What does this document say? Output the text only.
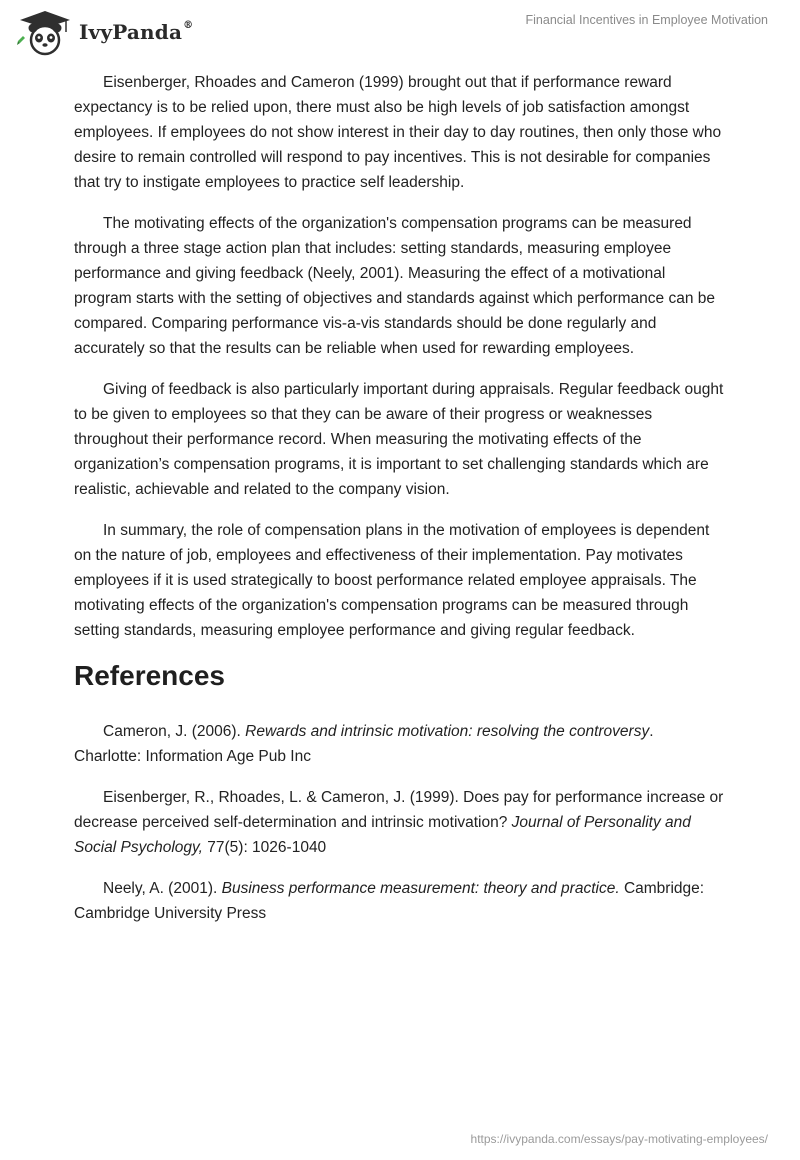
IvyPanda®	Financial Incentives in Employee Motivation

Eisenberger, Rhoades and Cameron (1999) brought out that if performance reward expectancy is to be relied upon, there must also be high levels of job satisfaction amongst employees. If employees do not show interest in their day to day routines, then only those who desire to remain controlled will respond to pay incentives. This is not desirable for companies that try to instigate employees to practice self leadership.

The motivating effects of the organization's compensation programs can be measured through a three stage action plan that includes: setting standards, measuring employee performance and giving feedback (Neely, 2001). Measuring the effect of a motivational program starts with the setting of objectives and standards against which performance can be compared. Comparing performance vis-a-vis standards should be done regularly and accurately so that the results can be reliable when used for rewarding employees.

Giving of feedback is also particularly important during appraisals. Regular feedback ought to be given to employees so that they can be aware of their progress or weaknesses throughout their performance record. When measuring the motivating effects of the organization’s compensation programs, it is important to set challenging standards which are realistic, achievable and related to the company vision.

In summary, the role of compensation plans in the motivation of employees is dependent on the nature of job, employees and effectiveness of their implementation. Pay motivates employees if it is used strategically to boost performance related employee appraisals. The motivating effects of the organization's compensation programs can be measured through setting standards, measuring employee performance and giving regular feedback.

References

Cameron, J. (2006). Rewards and intrinsic motivation: resolving the controversy. Charlotte: Information Age Pub Inc

Eisenberger, R., Rhoades, L. & Cameron, J. (1999). Does pay for performance increase or decrease perceived self-determination and intrinsic motivation? Journal of Personality and Social Psychology, 77(5): 1026-1040

Neely, A. (2001). Business performance measurement: theory and practice. Cambridge: Cambridge University Press

https://ivypanda.com/essays/pay-motivating-employees/
